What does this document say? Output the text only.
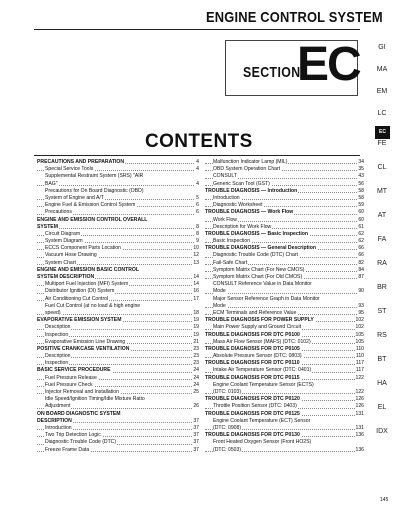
ENGINE CONTROL SYSTEM
SECTION
EC
CONTENTS
PRECAUTIONS AND PREPARATION	4
Special Service Tools	4
Supplemental Restraint System (SRS) "AIR
BAG"	4
Precautions for On Board Diagnostic (OBD)
System of Engine and A/T	5
Engine Fuel & Emission Control System	6
Precautions	6
ENGINE AND EMISSION CONTROL OVERALL
SYSTEM	8
Circuit Diagram	8
System Diagram	9
ECCS Component Parts Location	10
Vacuum Hose Drawing	12
System Chart	13
ENGINE AND EMISSION BASIC CONTROL
SYSTEM DESCRIPTION	14
Multiport Fuel Injection (MFI) System	14
Distributor Ignition (DI) System	16
Air Conditioning Cut Control	17
Fuel Cut Control (at no load & high engine
speed)	18
EVAPORATIVE EMISSION SYSTEM	19
Description	19
Inspection	19
Evaporative Emission Line Drawing	21
POSITIVE CRANKCASE VENTILATION	23
Description	23
Inspection	23
BASIC SERVICE PROCEDURE	24
Fuel Pressure Release	24
Fuel Pressure Check	24
Injector Removal and Installation	25
Idle Speed/Ignition Timing/Idle Mixture Ratio
Adjustment	26
ON BOARD DIAGNOSTIC SYSTEM
DESCRIPTION	37
Introduction	37
Two Trip Detection Logic	37
Diagnostic Trouble Code (DTC)	37
Freeze Frame Data	37
Malfunction Indicator Lamp (MIL)	34
OBD System Operation Chart	35
CONSULT	43
Generic Scan Tool (GST)	56
TROUBLE DIAGNOSIS — Introduction	58
Introduction	58
Diagnostic Worksheet	59
TROUBLE DIAGNOSIS — Work Flow	60
Work Flow	60
Description for Work Flow	61
TROUBLE DIAGNOSIS — Basic Inspection	62
Basic Inspection	62
TROUBLE DIAGNOSIS — General Description	66
Diagnostic Trouble Code (DTC) Chart	66
Fail-Safe Chart	82
Symptom Matrix Chart (For New CMOS)	84
Symptom Matrix Chart (For Old CMOS)	87
CONSULT Reference Value in Data Monitor
Mode	90
Major Sensor Reference Graph in Data Monitor
Mode	93
ECM Terminals and Reference Value	95
TROUBLE DIAGNOSIS FOR POWER SUPPLY	102
Main Power Supply and Ground Circuit	102
TROUBLE DIAGNOSIS FOR DTC P0100	105
Mass Air Flow Sensor (MAFS) (DTC: 0102)	105
TROUBLE DIAGNOSIS FOR DTC P0105	110
Absolute Pressure Sensor (DTC: 0803)	110
TROUBLE DIAGNOSIS FOR DTC P0110	117
Intake Air Temperature Sensor (DTC: 0401)	117
TROUBLE DIAGNOSIS FOR DTC P0115	122
Engine Coolant Temperature Sensor (ECTS)
(DTC: 0103)	122
TROUBLE DIAGNOSIS FOR DTC P0120	126
Throttle Position Sensor (DTC: 0403)	126
TROUBLE DIAGNOSIS FOR DTC P0125	131
Engine Coolant Temperature (ECT) Sensor
(DTC: 0908)	131
TROUBLE DIAGNOSIS FOR DTC P0130	136
Front Heated Oxygen Sensor (Front HO2S)
(DTC: 0503)	136
GI
MA
EM
LC
FE
CL
MT
AT
FA
RA
BR
ST
RS
BT
HA
EL
IDX
EC
145
